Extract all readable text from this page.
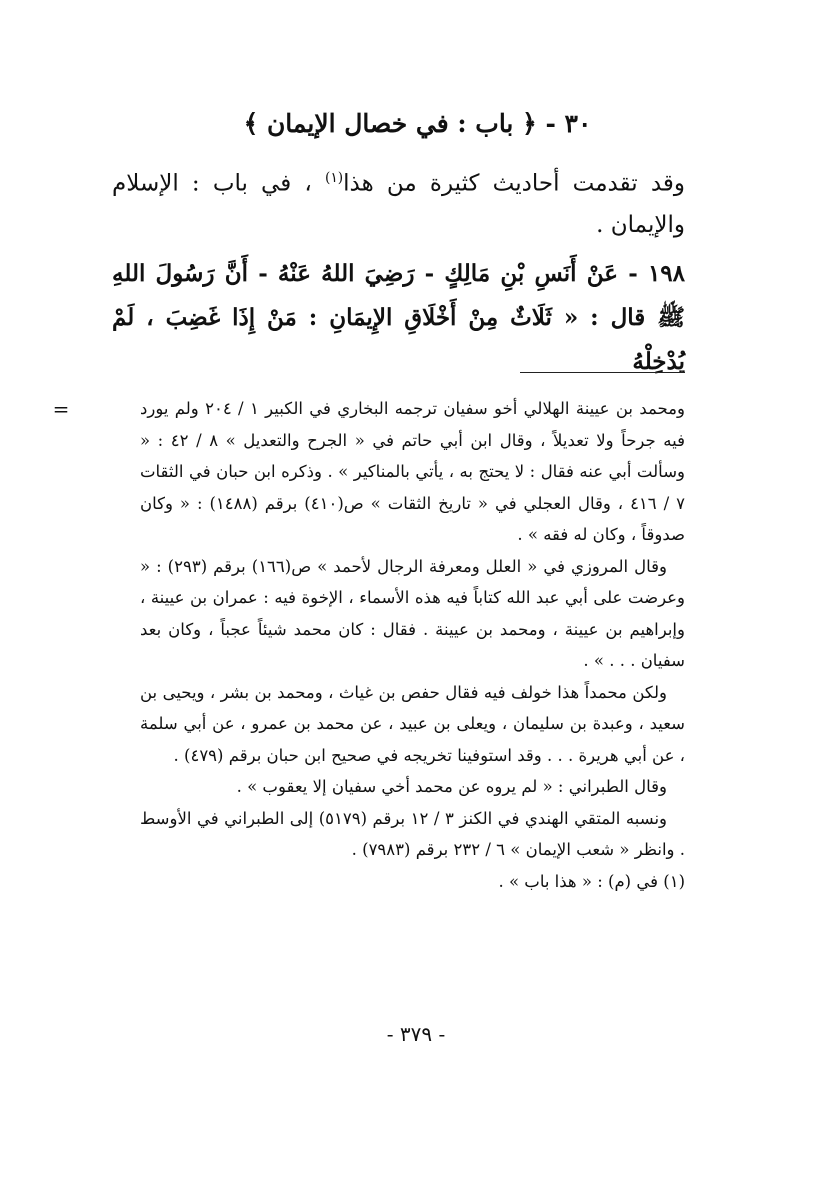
٣٠ - ﴿ باب : في خصال الإيمان ﴾
وقد تقدمت أحاديث كثيرة من هذا$^{(١)}$ ، في باب : الإسلام والإيمان .
١٩٨ - عَنْ أَنَسِ بْنِ مَالِكٍ - رَضِيَ اللهُ عَنْهُ - أَنَّ رَسُولَ اللهِ ﷺ قال : « ثَلَاثٌ مِنْ أَخْلَاقِ الإِيمَانِ : مَنْ إِذَا غَضِبَ ، لَمْ يُدْخِلْهُ
=	ومحمد بن عيينة الهلالي أخو سفيان ترجمه البخاري في الكبير ١ / ٢٠٤ ولم يورد فيه جرحاً ولا تعديلاً ، وقال ابن أبي حاتم في « الجرح والتعديل » ٨ / ٤٢ : « وسألت أبي عنه فقال : لا يحتج به ، يأتي بالمناكير » . وذكره ابن حبان في الثقات ٧ / ٤١٦ ، وقال العجلي في « تاريخ الثقات » ص(٤١٠) برقم (١٤٨٨) : « وكان صدوقاً ، وكان له فقه » .

وقال المروزي في « العلل ومعرفة الرجال لأحمد » ص(١٦٦) برقم (٢٩٣) : « وعرضت على أبي عبد الله كتاباً فيه هذه الأسماء ، الإخوة فيه : عمران بن عيينة ، وإبراهيم بن عيينة ، ومحمد بن عيينة . فقال : كان محمد شيئاً عجباً ، وكان بعد سفيان . . . » .

ولكن محمداً هذا خولف فيه فقال حفص بن غياث ، ومحمد بن بشر ، ويحيى بن سعيد ، وعبدة بن سليمان ، ويعلى بن عبيد ، عن محمد بن عمرو ، عن أبي سلمة ، عن أبي هريرة . . . وقد استوفينا تخريجه في صحيح ابن حبان برقم (٤٧٩) .

وقال الطبراني : « لم يروه عن محمد أخي سفيان إلا يعقوب » .

ونسبه المتقي الهندي في الكنز ٣ / ١٢ برقم (٥١٧٩) إلى الطبراني في الأوسط . وانظر « شعب الإيمان » ٦ / ٢٣٢ برقم (٧٩٨٣) .

(١) في (م) : « هذا باب » .

- ٣٧٩ -
